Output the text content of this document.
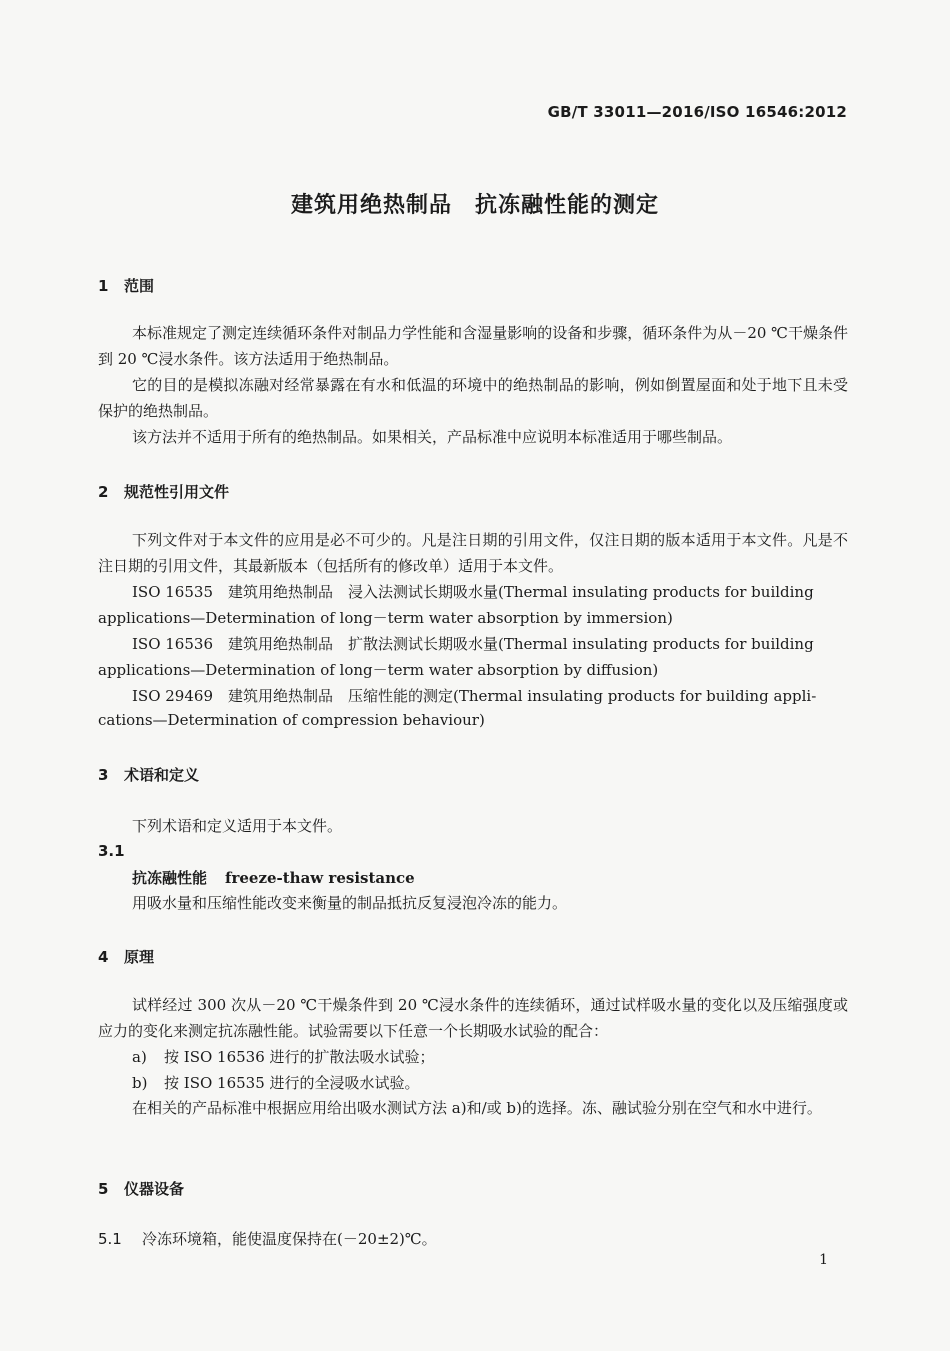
GB/T 33011—2016/ISO 16546:2012
建筑用绝热制品　抗冻融性能的测定
1 范围
本标准规定了测定连续循环条件对制品力学性能和含湿量影响的设备和步骤，循环条件为从－20 ℃干燥条件到 20 ℃浸水条件。该方法适用于绝热制品。
它的目的是模拟冻融对经常暴露在有水和低温的环境中的绝热制品的影响，例如倒置屋面和处于地下且未受保护的绝热制品。
该方法并不适用于所有的绝热制品。如果相关，产品标准中应说明本标准适用于哪些制品。
2 规范性引用文件
下列文件对于本文件的应用是必不可少的。凡是注日期的引用文件，仅注日期的版本适用于本文件。凡是不注日期的引用文件，其最新版本（包括所有的修改单）适用于本文件。
ISO 16535　建筑用绝热制品　浸入法测试长期吸水量(Thermal insulating products for building
applications—Determination of long－term water absorption by immersion)
ISO 16536　建筑用绝热制品　扩散法测试长期吸水量(Thermal insulating products for building
applications—Determination of long－term water absorption by diffusion)
ISO 29469　建筑用绝热制品　压缩性能的测定(Thermal insulating products for building appli-
cations—Determination of compression behaviour)
3 术语和定义
下列术语和定义适用于本文件。
3.1
抗冻融性能 freeze-thaw resistance
用吸水量和压缩性能改变来衡量的制品抵抗反复浸泡冷冻的能力。
4 原理
试样经过 300 次从－20 ℃干燥条件到 20 ℃浸水条件的连续循环，通过试样吸水量的变化以及压缩强度或应力的变化来测定抗冻融性能。试验需要以下任意一个长期吸水试验的配合：
a) 按 ISO 16536 进行的扩散法吸水试验；
b) 按 ISO 16535 进行的全浸吸水试验。
在相关的产品标准中根据应用给出吸水测试方法 a)和/或 b)的选择。冻、融试验分别在空气和水中进行。
5 仪器设备
5.1 冷冻环境箱，能使温度保持在(－20±2)℃。
1
